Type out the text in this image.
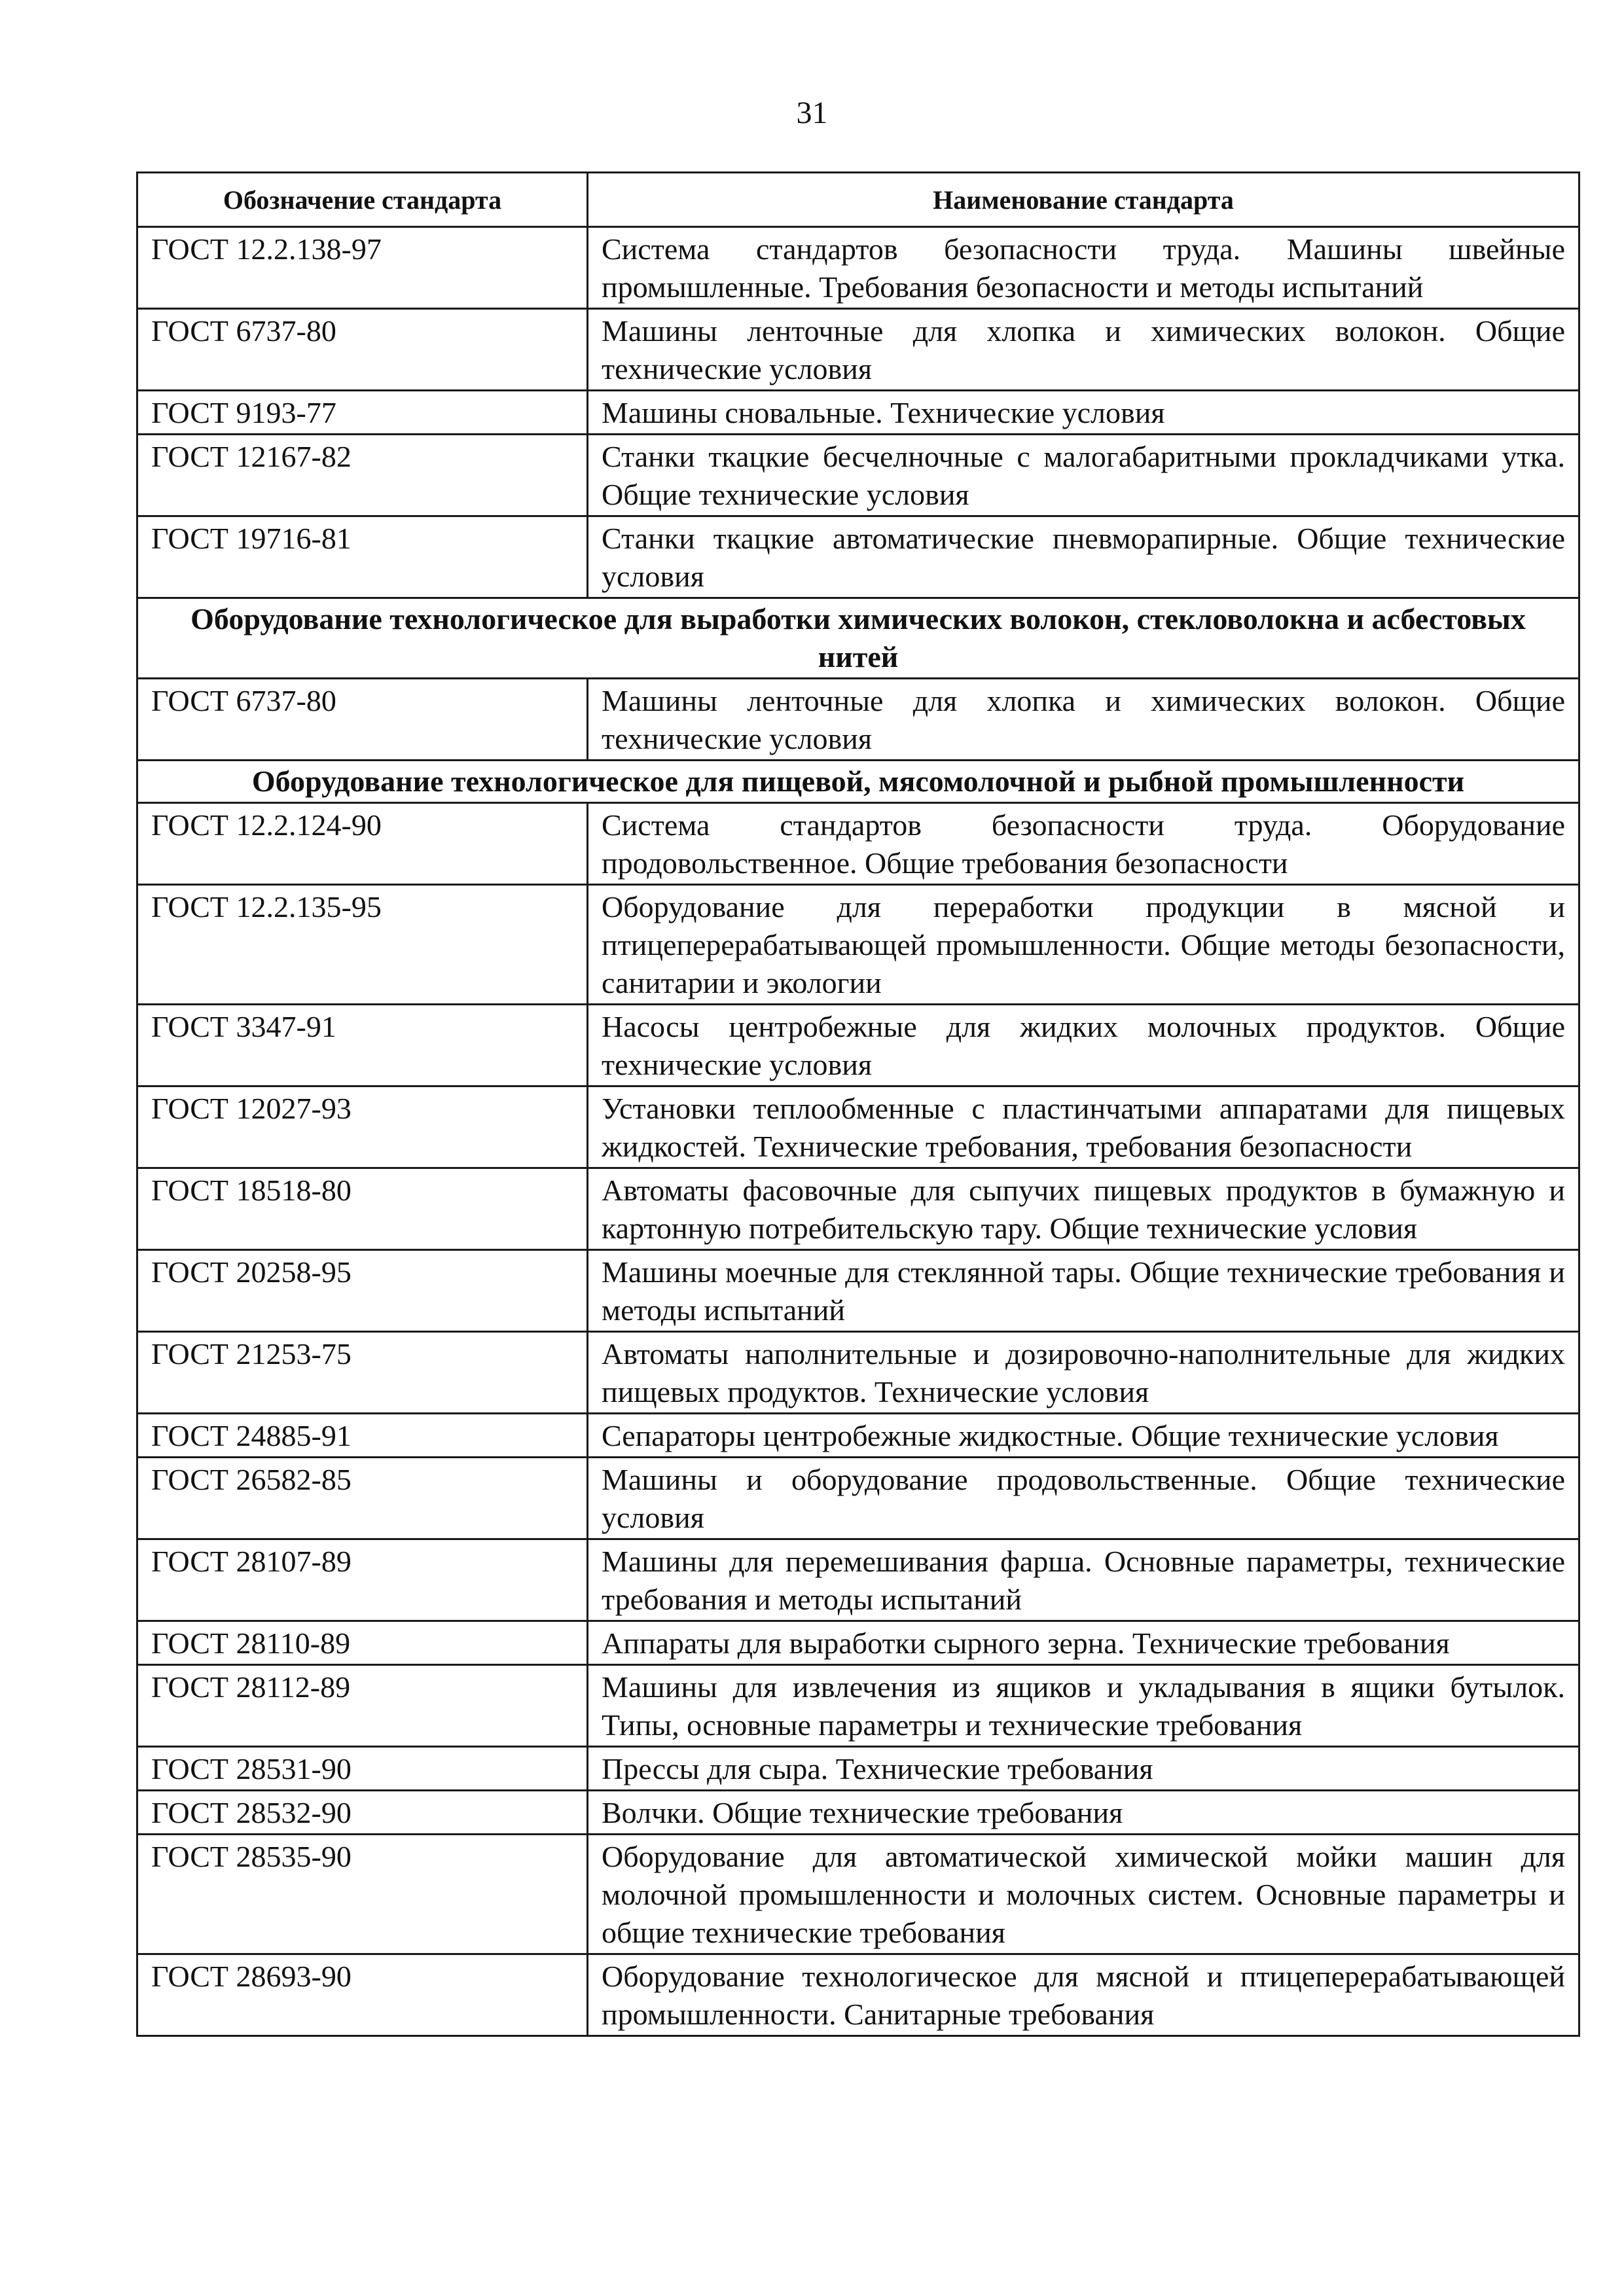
31
Обозначение стандарта	Наименование стандарта
ГОСТ 12.2.138-97	Система стандартов безопасности труда. Машины швейные промышленные. Требования безопасности и методы испытаний
ГОСТ 6737-80	Машины ленточные для хлопка и химических волокон. Общие технические условия
ГОСТ 9193-77	Машины сновальные. Технические условия
ГОСТ 12167-82	Станки ткацкие бесчелночные с малогабаритными прокладчиками утка. Общие технические условия
ГОСТ 19716-81	Станки ткацкие автоматические пневморапирные. Общие технические условия
Оборудование технологическое для выработки химических волокон, стекловолокна и асбестовых нитей	
ГОСТ 6737-80	Машины ленточные для хлопка и химических волокон. Общие технические условия
Оборудование технологическое для пищевой, мясомолочной и рыбной промышленности	
ГОСТ 12.2.124-90	Система стандартов безопасности труда. Оборудование продовольственное. Общие требования безопасности
ГОСТ 12.2.135-95	Оборудование для переработки продукции в мясной и птицеперерабатывающей промышленности. Общие методы безопасности, санитарии и экологии
ГОСТ 3347-91	Насосы центробежные для жидких молочных продуктов. Общие технические условия
ГОСТ 12027-93	Установки теплообменные с пластинчатыми аппаратами для пищевых жидкостей. Технические требования, требования безопасности
ГОСТ 18518-80	Автоматы фасовочные для сыпучих пищевых продуктов в бумажную и картонную потребительскую тару. Общие технические условия
ГОСТ 20258-95	Машины моечные для стеклянной тары. Общие технические требования и методы испытаний
ГОСТ 21253-75	Автоматы наполнительные и дозировочно-наполнительные для жидких пищевых продуктов. Технические условия
ГОСТ 24885-91	Сепараторы центробежные жидкостные. Общие технические условия
ГОСТ 26582-85	Машины и оборудование продовольственные. Общие технические условия
ГОСТ 28107-89	Машины для перемешивания фарша. Основные параметры, технические требования и методы испытаний
ГОСТ 28110-89	Аппараты для выработки сырного зерна. Технические требования
ГОСТ 28112-89	Машины для извлечения из ящиков и укладывания в ящики бутылок. Типы, основные параметры и технические требования
ГОСТ 28531-90	Прессы для сыра. Технические требования
ГОСТ 28532-90	Волчки. Общие технические требования
ГОСТ 28535-90	Оборудование для автоматической химической мойки машин для молочной промышленности и молочных систем. Основные параметры и общие технические требования
ГОСТ 28693-90	Оборудование технологическое для мясной и птицеперерабатывающей промышленности. Санитарные требования
